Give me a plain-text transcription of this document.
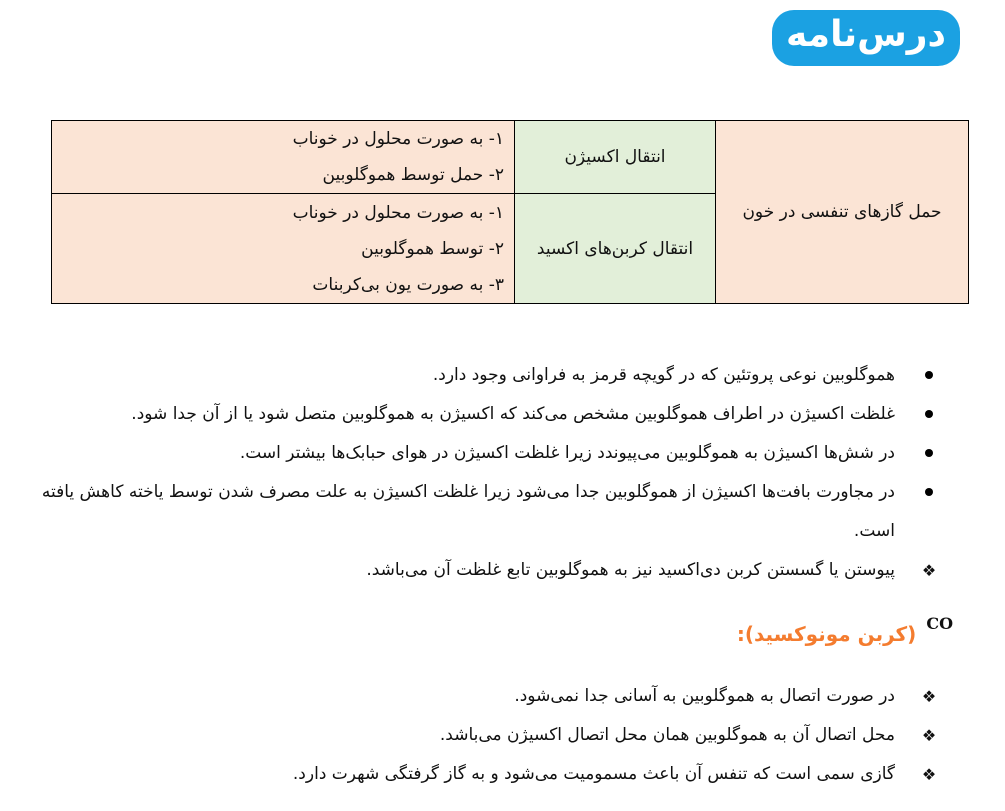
درس‌نامه
حمل گازهای تنفسی در خون	انتقال اکسیژن	۱- به صورت محلول در خوناب
۲- حمل توسط هموگلوبین

	انتقال کربن‌های اکسید	۱- به صورت محلول در خوناب
۲- توسط هموگلوبین
۳- به صورت یون بی‌کربنات
هموگلوبین نوعی پروتئین که در گویچه قرمز به فراوانی وجود دارد.
غلظت اکسیژن در اطراف هموگلوبین مشخص می‌کند که اکسیژن به هموگلوبین متصل شود یا از آن جدا شود.
در شش‌ها اکسیژن به هموگلوبین می‌پیوندد زیرا غلظت اکسیژن در هوای حبابک‌ها بیشتر است.
در مجاورت بافت‌ها اکسیژن از هموگلوبین جدا می‌شود زیرا غلظت اکسیژن به علت مصرف شدن توسط یاخته کاهش یافته است.
❖
پیوستن یا گسستن کربن دی‌اکسید نیز به هموگلوبین تابع غلظت آن می‌باشد.
CO
(کربن مونوکسید):
❖
در صورت اتصال به هموگلوبین به آسانی جدا نمی‌شود.
❖
محل اتصال آن به هموگلوبین همان محل اتصال اکسیژن می‌باشد.
❖
گازی سمی است که تنفس آن باعث مسمومیت می‌شود و به گاز گرفتگی شهرت دارد.
